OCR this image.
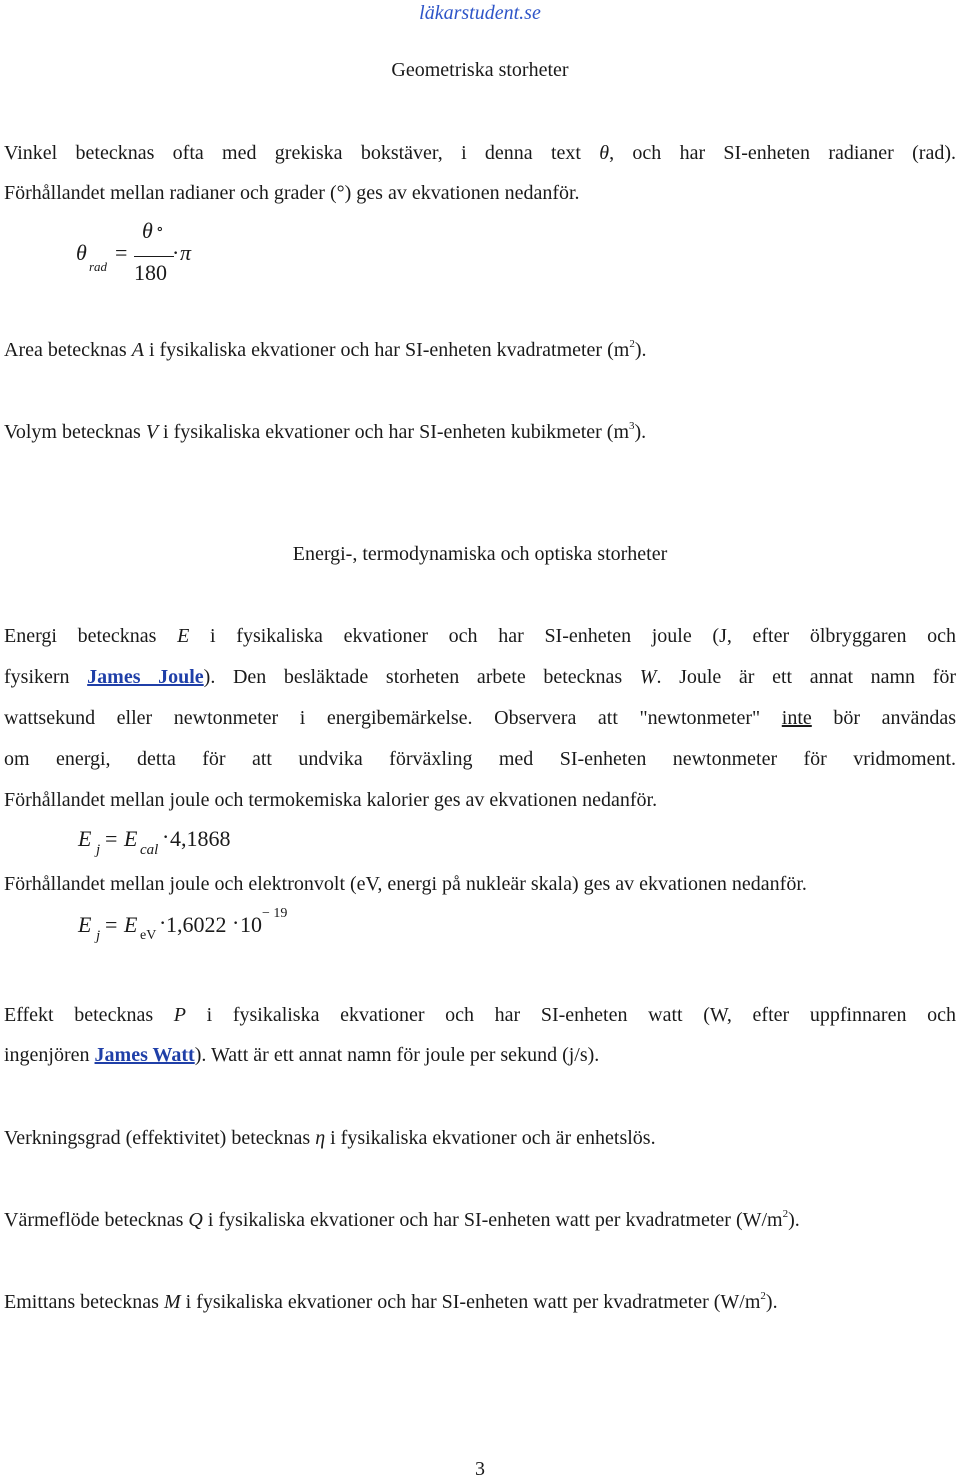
läkarstudent.se
Geometriska storheter
Vinkel betecknas ofta med grekiska bokstäver, i denna text θ, och har SI-enheten radianer (rad).
Förhållandet mellan radianer och grader (°) ges av ekvationen nedanför.
θ
rad
=
θ ∘
180
· π
Area betecknas A i fysikaliska ekvationer och har SI-enheten kvadratmeter $(m^2)$.
Volym betecknas V i fysikaliska ekvationer och har SI-enheten kubikmeter $(m^3)$.
Energi-, termodynamiska och optiska storheter
Energi betecknas E i fysikaliska ekvationer och har SI-enheten joule (J, efter ölbryggaren och
fysikern James Joule). Den besläktade storheten arbete betecknas W. Joule är ett annat namn för
wattsekund eller newtonmeter i energibemärkelse. Observera att "newtonmeter" inte bör användas
om energi, detta för att undvika förväxling med SI-enheten newtonmeter för vridmoment.
Förhållandet mellan joule och termokemiska kalorier ges av ekvationen nedanför.
E j = E cal
· 4,1868
Förhållandet mellan joule och elektronvolt (eV, energi på nukleär skala) ges av ekvationen nedanför.
E j = E eV
· 1,6022 · 10 − 19
Effekt betecknas P i fysikaliska ekvationer och har SI-enheten watt (W, efter uppfinnaren och
ingenjören James Watt). Watt är ett annat namn för joule per sekund (j/s).
Verkningsgrad (effektivitet) betecknas η i fysikaliska ekvationer och är enhetslös.
Värmeflöde betecknas Q i fysikaliska ekvationer och har SI-enheten watt per kvadratmeter $(W/m^2)$.
Emittans betecknas M i fysikaliska ekvationer och har SI-enheten watt per kvadratmeter $(W/m^2)$.
3
